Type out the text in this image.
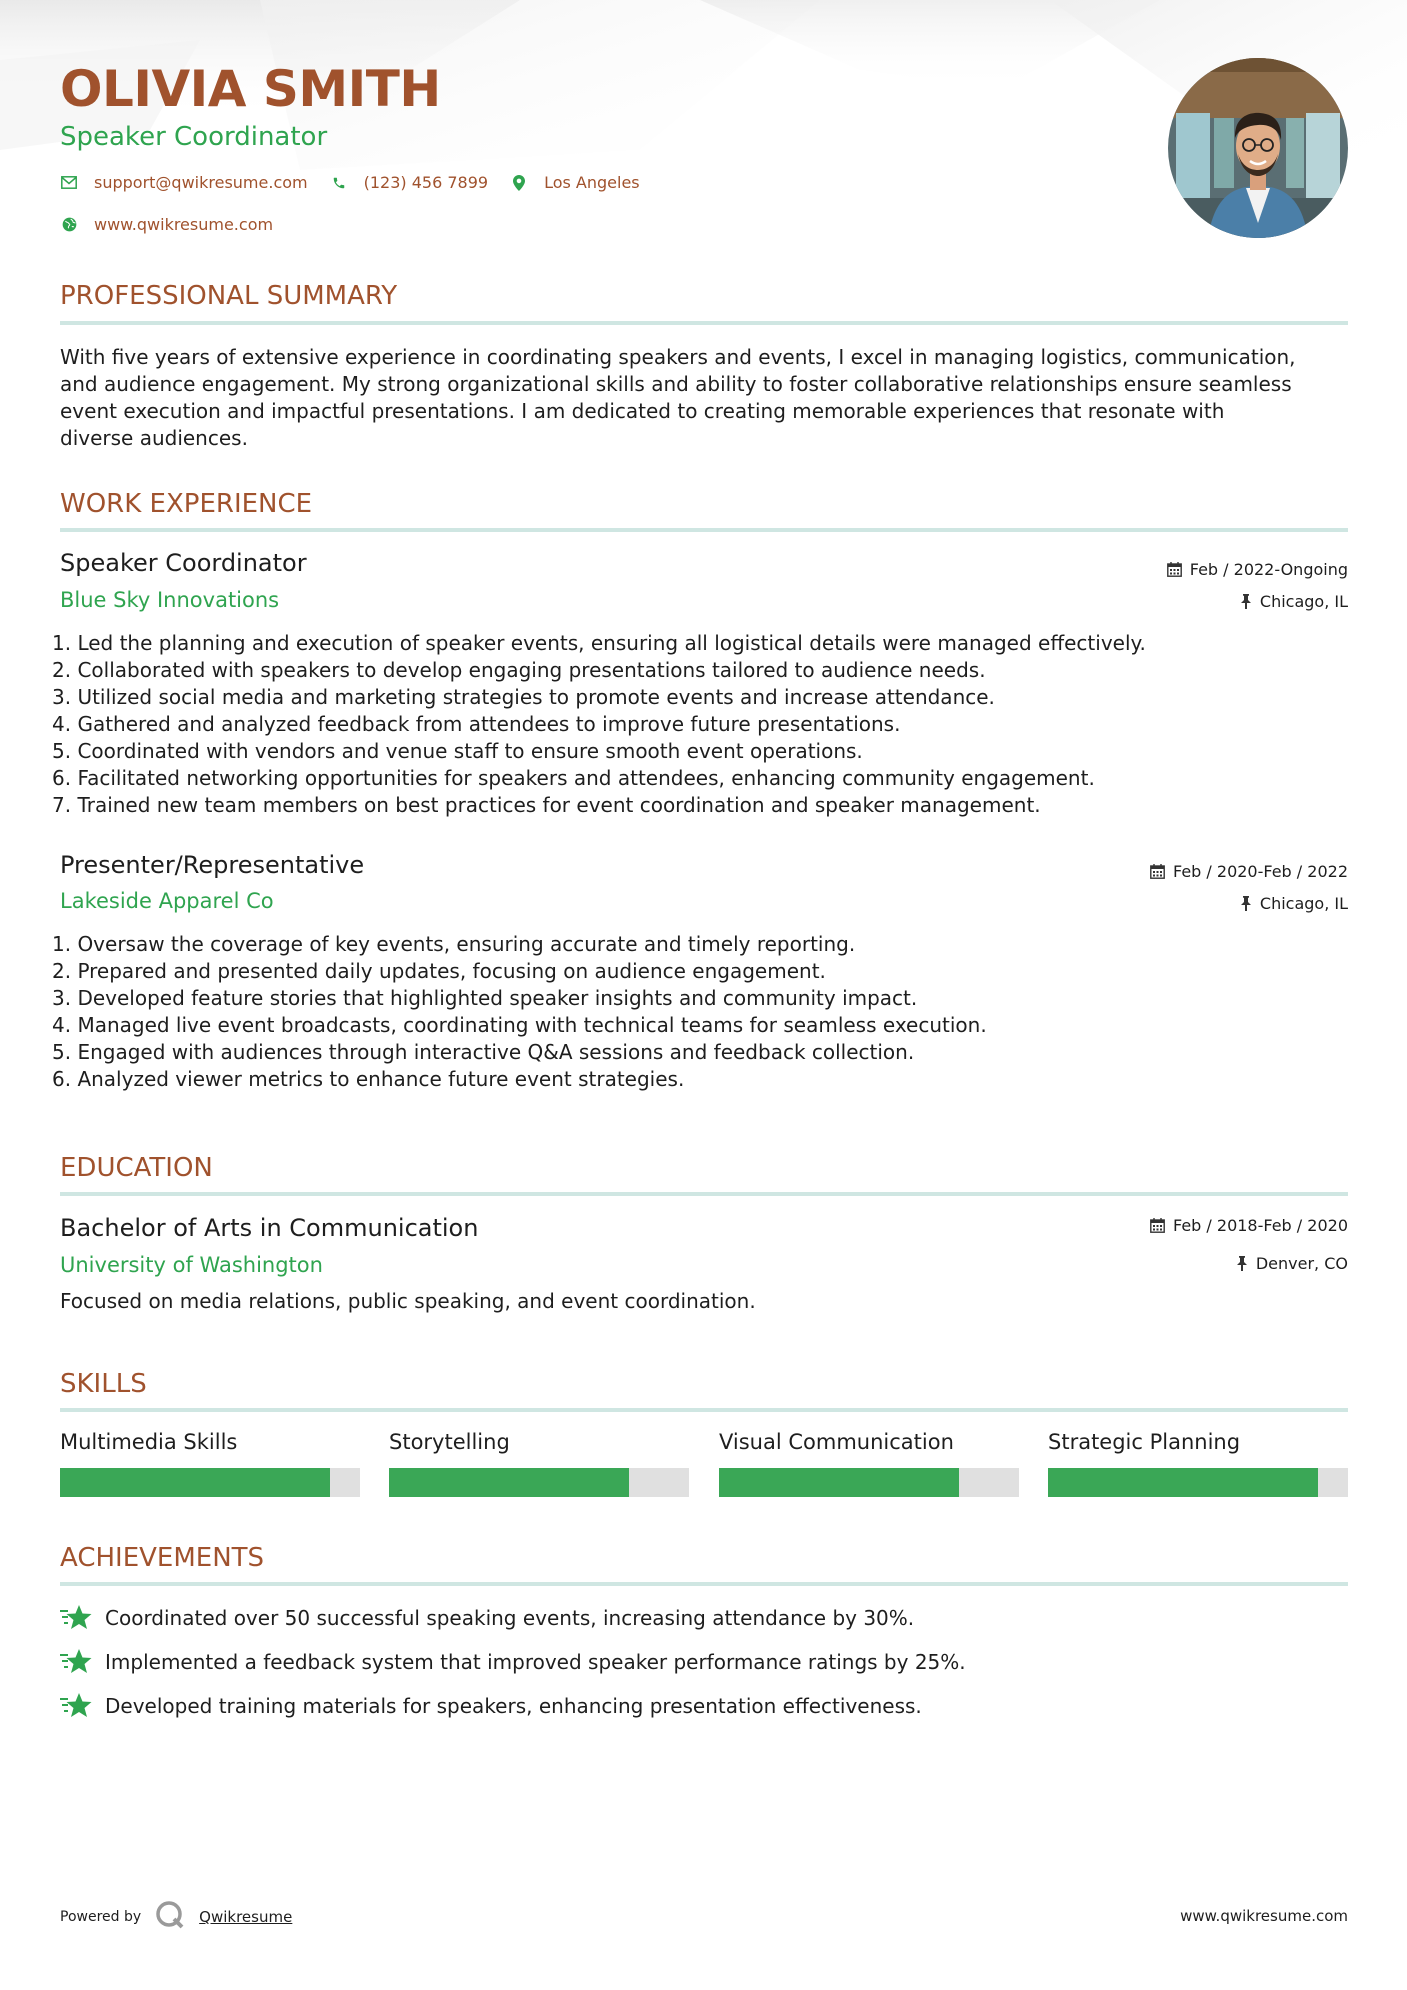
OLIVIA SMITH
Speaker Coordinator
support@qwikresume.com	(123) 456 7899	Los Angeles
www.qwikresume.com
PROFESSIONAL SUMMARY
With five years of extensive experience in coordinating speakers and events, I excel in managing logistics, communication,
and audience engagement. My strong organizational skills and ability to foster collaborative relationships ensure seamless
event execution and impactful presentations. I am dedicated to creating memorable experiences that resonate with
diverse audiences.
WORK EXPERIENCE
Speaker Coordinator
Blue Sky Innovations
Feb / 2022-Ongoing
Chicago, IL
1. Led the planning and execution of speaker events, ensuring all logistical details were managed effectively.
2. Collaborated with speakers to develop engaging presentations tailored to audience needs.
3. Utilized social media and marketing strategies to promote events and increase attendance.
4. Gathered and analyzed feedback from attendees to improve future presentations.
5. Coordinated with vendors and venue staff to ensure smooth event operations.
6. Facilitated networking opportunities for speakers and attendees, enhancing community engagement.
7. Trained new team members on best practices for event coordination and speaker management.
Presenter/Representative
Lakeside Apparel Co
Feb / 2020-Feb / 2022
Chicago, IL
1. Oversaw the coverage of key events, ensuring accurate and timely reporting.
2. Prepared and presented daily updates, focusing on audience engagement.
3. Developed feature stories that highlighted speaker insights and community impact.
4. Managed live event broadcasts, coordinating with technical teams for seamless execution.
5. Engaged with audiences through interactive Q&A sessions and feedback collection.
6. Analyzed viewer metrics to enhance future event strategies.
EDUCATION
Bachelor of Arts in Communication
University of Washington
Feb / 2018-Feb / 2020
Denver, CO
Focused on media relations, public speaking, and event coordination.
SKILLS
Multimedia Skills	Storytelling	Visual Communication	Strategic Planning
ACHIEVEMENTS
Coordinated over 50 successful speaking events, increasing attendance by 30%.
Implemented a feedback system that improved speaker performance ratings by 25%.
Developed training materials for speakers, enhancing presentation effectiveness.
Powered by	Qwikresume	www.qwikresume.com
